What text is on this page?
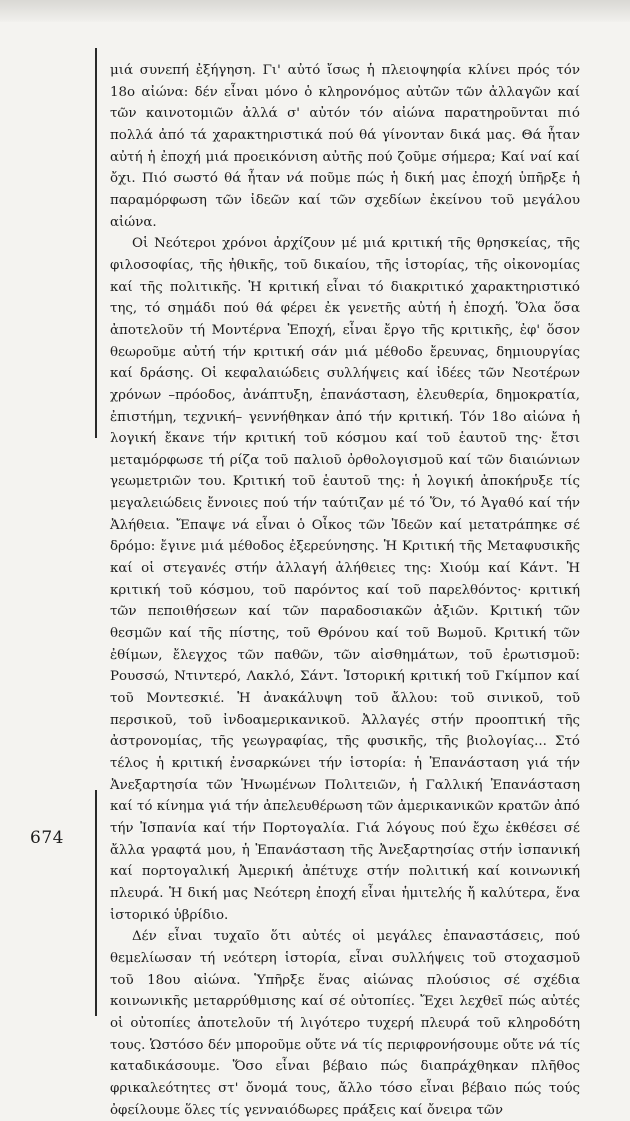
μιά συνεπή ἐξήγηση. Γι' αὐτό ἴσως ἡ πλειοψηφία κλίνει πρός τόν 18ο αἰώνα: δέν εἶναι μόνο ὁ κληρονόμος αὐτῶν τῶν ἀλλαγῶν καί τῶν καινοτομιῶν ἀλλά σ' αὐτόν τόν αἰώνα παρατηροῦνται πιό πολλά ἀπό τά χαρακτηριστικά πού θά γίνονταν δικά μας. Θά ἦταν αὐτή ἡ ἐποχή μιά προεικόνιση αὐτῆς πού ζοῦμε σήμερα; Καί ναί καί ὄχι. Πιό σωστό θά ἦταν νά ποῦμε πώς ἡ δική μας ἐποχή ὑπῆρξε ἡ παραμόρφωση τῶν ἰδεῶν καί τῶν σχεδίων ἐκείνου τοῦ μεγάλου αἰώνα.

Οἱ Νεότεροι χρόνοι ἀρχίζουν μέ μιά κριτική τῆς θρησκείας, τῆς φιλοσοφίας, τῆς ἠθικῆς, τοῦ δικαίου, τῆς ἱστορίας, τῆς οἰκονομίας καί τῆς πολιτικῆς. Ἡ κριτική εἶναι τό διακριτικό χαρακτηριστικό της, τό σημάδι πού θά φέρει ἐκ γενετῆς αὐτή ἡ ἐποχή. Ὅλα ὅσα ἀποτελοῦν τή Μοντέρνα Ἐποχή, εἶναι ἔργο τῆς κριτικῆς, ἐφ' ὅσον θεωροῦμε αὐτή τήν κριτική σάν μιά μέθοδο ἔρευνας, δημιουργίας καί δράσης. Οἱ κεφαλαιώδεις συλλήψεις καί ἰδέες τῶν Νεοτέρων χρόνων –πρόοδος, ἀνάπτυξη, ἐπανάσταση, ἐλευθερία, δημοκρατία, ἐπιστήμη, τεχνική– γεννήθηκαν ἀπό τήν κριτική. Τόν 18ο αἰώνα ἡ λογική ἔκανε τήν κριτική τοῦ κόσμου καί τοῦ ἑαυτοῦ της· ἔτσι μεταμόρφωσε τή ρίζα τοῦ παλιοῦ ὀρθολογισμοῦ καί τῶν διαιώνιων γεωμετριῶν του. Κριτική τοῦ ἑαυτοῦ της: ἡ λογική ἀποκήρυξε τίς μεγαλειώδεις ἔννοιες πού τήν ταύτιζαν μέ τό Ὅν, τό Ἀγαθό καί τήν Ἀλήθεια. Ἔπαψε νά εἶναι ὁ Οἶκος τῶν Ἰδεῶν καί μετατράπηκε σέ δρόμο: ἔγινε μιά μέθοδος ἐξερεύνησης. Ἡ Κριτική τῆς Μεταφυσικῆς καί οἱ στεγανές στήν ἀλλαγή ἀλήθειες της: Χιούμ καί Κάντ. Ἡ κριτική τοῦ κόσμου, τοῦ παρόντος καί τοῦ παρελθόντος· κριτική τῶν πεποιθήσεων καί τῶν παραδοσιακῶν ἀξιῶν. Κριτική τῶν θεσμῶν καί τῆς πίστης, τοῦ Θρόνου καί τοῦ Βωμοῦ. Κριτική τῶν ἐθίμων, ἔλεγχος τῶν παθῶν, τῶν αἰσθημάτων, τοῦ ἐρωτισμοῦ: Ρουσσώ, Ντιντερό, Λακλό, Σάντ. Ἱστορική κριτική τοῦ Γκίμπον καί τοῦ Μοντεσκιέ. Ἡ ἀνακάλυψη τοῦ ἄλλου: τοῦ σινικοῦ, τοῦ περσικοῦ, τοῦ ἰνδοαμερικανικοῦ. Ἀλλαγές στήν προοπτική τῆς ἀστρονομίας, τῆς γεωγραφίας, τῆς φυσικῆς, τῆς βιολογίας... Στό τέλος ἡ κριτική ἐνσαρκώνει τήν ἱστορία: ἡ Ἐπανάσταση γιά τήν Ἀνεξαρτησία τῶν Ἡνωμένων Πολιτειῶν, ἡ Γαλλική Ἐπανάσταση καί τό κίνημα γιά τήν ἀπελευθέρωση τῶν ἀμερικανικῶν κρατῶν ἀπό τήν Ἰσπανία καί τήν Πορτογαλία. Γιά λόγους πού ἔχω ἐκθέσει σέ ἄλλα γραφτά μου, ἡ Ἐπανάσταση τῆς Ἀνεξαρτησίας στήν ἰσπανική καί πορτογαλική Ἀμερική ἀπέτυχε στήν πολιτική καί κοινωνική πλευρά. Ἡ δική μας Νεότερη ἐποχή εἶναι ἡμιτελής ἤ καλύτερα, ἕνα ἱστορικό ὑβρίδιο.

Δέν εἶναι τυχαῖο ὅτι αὐτές οἱ μεγάλες ἐπαναστάσεις, πού θεμελίωσαν τή νεότερη ἱστορία, εἶναι συλλήψεις τοῦ στοχασμοῦ τοῦ 18ου αἰώνα. Ὑπῆρξε ἕνας αἰώνας πλούσιος σέ σχέδια κοινωνικῆς μεταρρύθμισης καί σέ οὐτοπίες. Ἔχει λεχθεῖ πώς αὐτές οἱ οὐτοπίες ἀποτελοῦν τή λιγότερο τυχερή πλευρά τοῦ κληροδότη τους. Ὡστόσο δέν μποροῦμε οὔτε νά τίς περιφρονήσουμε οὔτε νά τίς καταδικάσουμε. Ὅσο εἶναι βέβαιο πώς διαπράχθηκαν πλῆθος φρικαλεότητες στ' ὄνομά τους, ἄλλο τόσο εἶναι βέβαιο πώς τούς ὀφείλουμε ὅλες τίς γενναιόδωρες πράξεις καί ὄνειρα τῶν

674
